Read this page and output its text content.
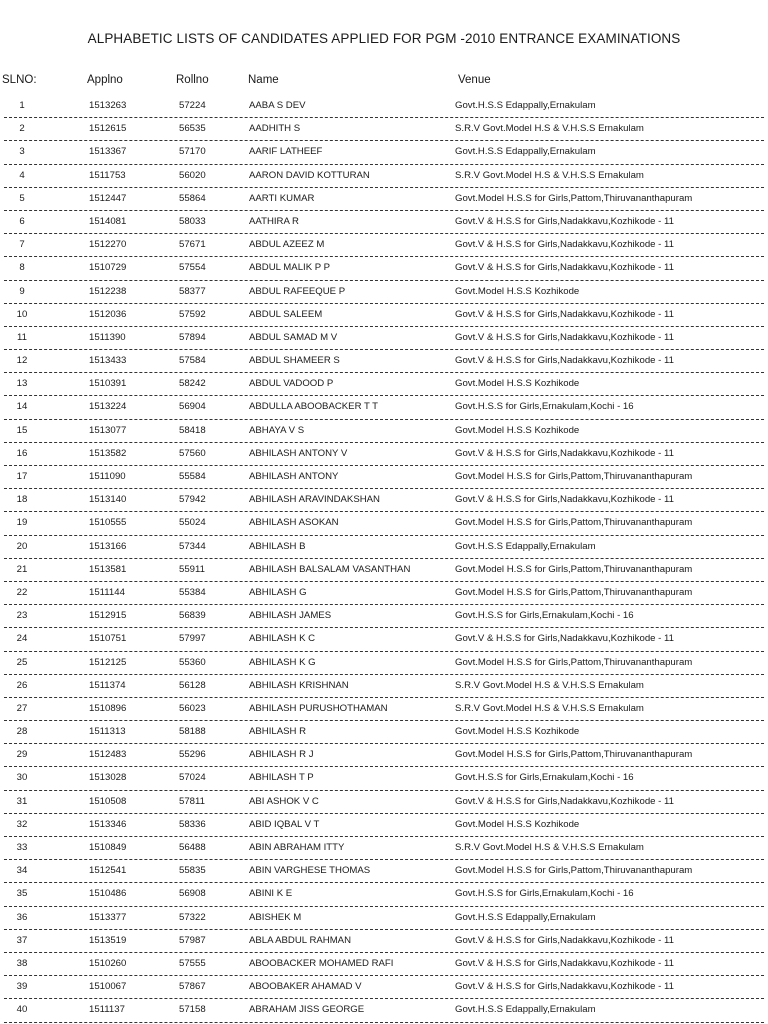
ALPHABETIC LISTS OF CANDIDATES APPLIED FOR PGM -2010 ENTRANCE EXAMINATIONS
SLNO:	Applno	Rollno	Name	Venue
1	1513263	57224	AABA S DEV	Govt.H.S.S Edappally,Ernakulam
2	1512615	56535	AADHITH S	S.R.V Govt.Model H.S & V.H.S.S Ernakulam
3	1513367	57170	AARIF LATHEEF	Govt.H.S.S Edappally,Ernakulam
4	1511753	56020	AARON DAVID KOTTURAN	S.R.V Govt.Model H.S & V.H.S.S Ernakulam
5	1512447	55864	AARTI KUMAR	Govt.Model H.S.S for Girls,Pattom,Thiruvananthapuram
6	1514081	58033	AATHIRA R	Govt.V & H.S.S for Girls,Nadakkavu,Kozhikode - 11
7	1512270	57671	ABDUL AZEEZ M	Govt.V & H.S.S for Girls,Nadakkavu,Kozhikode - 11
8	1510729	57554	ABDUL MALIK P P	Govt.V & H.S.S for Girls,Nadakkavu,Kozhikode - 11
9	1512238	58377	ABDUL RAFEEQUE P	Govt.Model H.S.S Kozhikode
10	1512036	57592	ABDUL SALEEM	Govt.V & H.S.S for Girls,Nadakkavu,Kozhikode - 11
11	1511390	57894	ABDUL SAMAD M V	Govt.V & H.S.S for Girls,Nadakkavu,Kozhikode - 11
12	1513433	57584	ABDUL SHAMEER S	Govt.V & H.S.S for Girls,Nadakkavu,Kozhikode - 11
13	1510391	58242	ABDUL VADOOD P	Govt.Model H.S.S Kozhikode
14	1513224	56904	ABDULLA ABOOBACKER T T	Govt.H.S.S for Girls,Ernakulam,Kochi - 16
15	1513077	58418	ABHAYA V S	Govt.Model H.S.S Kozhikode
16	1513582	57560	ABHILASH ANTONY V	Govt.V & H.S.S for Girls,Nadakkavu,Kozhikode - 11
17	1511090	55584	ABHILASH ANTONY	Govt.Model H.S.S for Girls,Pattom,Thiruvananthapuram
18	1513140	57942	ABHILASH ARAVINDAKSHAN	Govt.V & H.S.S for Girls,Nadakkavu,Kozhikode - 11
19	1510555	55024	ABHILASH ASOKAN	Govt.Model H.S.S for Girls,Pattom,Thiruvananthapuram
20	1513166	57344	ABHILASH B	Govt.H.S.S Edappally,Ernakulam
21	1513581	55911	ABHILASH BALSALAM VASANTHAN	Govt.Model H.S.S for Girls,Pattom,Thiruvananthapuram
22	1511144	55384	ABHILASH G	Govt.Model H.S.S for Girls,Pattom,Thiruvananthapuram
23	1512915	56839	ABHILASH JAMES	Govt.H.S.S for Girls,Ernakulam,Kochi - 16
24	1510751	57997	ABHILASH K C	Govt.V & H.S.S for Girls,Nadakkavu,Kozhikode - 11
25	1512125	55360	ABHILASH K G	Govt.Model H.S.S for Girls,Pattom,Thiruvananthapuram
26	1511374	56128	ABHILASH KRISHNAN	S.R.V Govt.Model H.S & V.H.S.S Ernakulam
27	1510896	56023	ABHILASH PURUSHOTHAMAN	S.R.V Govt.Model H.S & V.H.S.S Ernakulam
28	1511313	58188	ABHILASH R	Govt.Model H.S.S Kozhikode
29	1512483	55296	ABHILASH R J	Govt.Model H.S.S for Girls,Pattom,Thiruvananthapuram
30	1513028	57024	ABHILASH T P	Govt.H.S.S for Girls,Ernakulam,Kochi - 16
31	1510508	57811	ABI ASHOK V C	Govt.V & H.S.S for Girls,Nadakkavu,Kozhikode - 11
32	1513346	58336	ABID IQBAL V T	Govt.Model H.S.S Kozhikode
33	1510849	56488	ABIN ABRAHAM ITTY	S.R.V Govt.Model H.S & V.H.S.S Ernakulam
34	1512541	55835	ABIN VARGHESE THOMAS	Govt.Model H.S.S for Girls,Pattom,Thiruvananthapuram
35	1510486	56908	ABINI K E	Govt.H.S.S for Girls,Ernakulam,Kochi - 16
36	1513377	57322	ABISHEK M	Govt.H.S.S Edappally,Ernakulam
37	1513519	57987	ABLA ABDUL RAHMAN	Govt.V & H.S.S for Girls,Nadakkavu,Kozhikode - 11
38	1510260	57555	ABOOBACKER MOHAMED RAFI	Govt.V & H.S.S for Girls,Nadakkavu,Kozhikode - 11
39	1510067	57867	ABOOBAKER AHAMAD V	Govt.V & H.S.S for Girls,Nadakkavu,Kozhikode - 11
40	1511137	57158	ABRAHAM JISS GEORGE	Govt.H.S.S Edappally,Ernakulam
